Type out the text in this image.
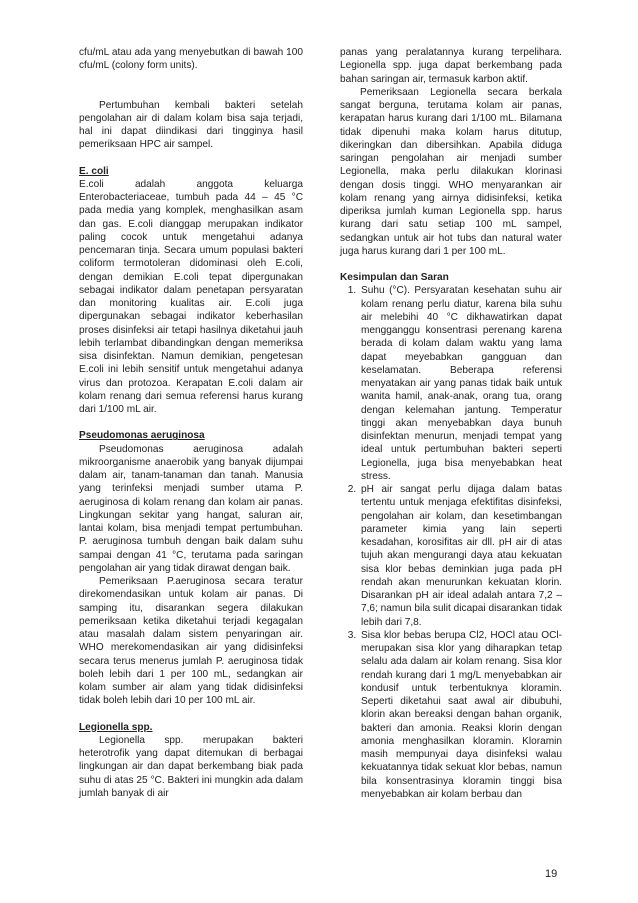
cfu/mL atau ada yang menyebutkan di bawah 100 cfu/mL (colony form units).

Pertumbuhan kembali bakteri setelah pengolahan air di dalam kolam bisa saja terjadi, hal ini dapat diindikasi dari tingginya hasil pemeriksaan HPC air sampel.

E. coli

E.coli adalah anggota keluarga Enterobacteriaceae, tumbuh pada 44 – 45 °C pada media yang komplek, menghasilkan asam dan gas. E.coli dianggap merupakan indikator paling cocok untuk mengetahui adanya pencemaran tinja. Secara umum populasi bakteri coliform termotoleran didominasi oleh E.coli, dengan demikian E.coli tepat dipergunakan sebagai indikator dalam penetapan persyaratan dan monitoring kualitas air. E.coli juga dipergunakan sebagai indikator keberhasilan proses disinfeksi air tetapi hasilnya diketahui jauh lebih terlambat dibandingkan dengan memeriksa sisa disinfektan. Namun demikian, pengetesan E.coli ini lebih sensitif untuk mengetahui adanya virus dan protozoa. Kerapatan E.coli dalam air kolam renang dari semua referensi harus kurang dari 1/100 mL air.

Pseudomonas aeruginosa

Pseudomonas aeruginosa adalah mikroorganisme anaerobik yang banyak dijumpai dalam air, tanam-tanaman dan tanah. Manusia yang terinfeksi menjadi sumber utama P. aeruginosa di kolam renang dan kolam air panas. Lingkungan sekitar yang hangat, saluran air, lantai kolam, bisa menjadi tempat pertumbuhan. P. aeruginosa tumbuh dengan baik dalam suhu sampai dengan 41 °C, terutama pada saringan pengolahan air yang tidak dirawat dengan baik.

Pemeriksaan P.aeruginosa secara teratur direkomendasikan untuk kolam air panas. Di samping itu, disarankan segera dilakukan pemeriksaan ketika diketahui terjadi kegagalan atau masalah dalam sistem penyaringan air. WHO merekomendasikan air yang didisinfeksi secara terus menerus jumlah P. aeruginosa tidak boleh lebih dari 1 per 100 mL, sedangkan air kolam sumber air alam yang tidak didisinfeksi tidak boleh lebih dari 10 per 100 mL air.

Legionella spp.

Legionella spp. merupakan bakteri heterotrofik yang dapat ditemukan di berbagai lingkungan air dan dapat berkembang biak pada suhu di atas 25 °C. Bakteri ini mungkin ada dalam jumlah banyak di air

panas yang peralatannya kurang terpelihara. Legionella spp. juga dapat berkembang pada bahan saringan air, termasuk karbon aktif.

Pemeriksaan Legionella secara berkala sangat berguna, terutama kolam air panas, kerapatan harus kurang dari 1/100 mL. Bilamana tidak dipenuhi maka kolam harus ditutup, dikeringkan dan dibersihkan. Apabila diduga saringan pengolahan air menjadi sumber Legionella, maka perlu dilakukan klorinasi dengan dosis tinggi. WHO menyarankan air kolam renang yang airnya didisinfeksi, ketika diperiksa jumlah kuman Legionella spp. harus kurang dari satu setiap 100 mL sampel, sedangkan untuk air hot tubs dan natural water juga harus kurang dari 1 per 100 mL.

Kesimpulan dan Saran
1. Suhu (°C). Persyaratan kesehatan suhu air kolam renang perlu diatur, karena bila suhu air melebihi 40 °C dikhawatirkan dapat mengganggu konsentrasi perenang karena berada di kolam dalam waktu yang lama dapat meyebabkan gangguan dan keselamatan. Beberapa referensi menyatakan air yang panas tidak baik untuk wanita hamil, anak-anak, orang tua, orang dengan kelemahan jantung. Temperatur tinggi akan menyebabkan daya bunuh disinfektan menurun, menjadi tempat yang ideal untuk pertumbuhan bakteri seperti Legionella, juga bisa menyebabkan heat stress.
2. pH air sangat perlu dijaga dalam batas tertentu untuk menjaga efektifitas disinfeksi, pengolahan air kolam, dan kesetimbangan parameter kimia yang lain seperti kesadahan, korosifitas air dll. pH air di atas tujuh akan mengurangi daya atau kekuatan sisa klor bebas deminkian juga pada pH rendah akan menurunkan kekuatan klorin. Disarankan pH air ideal adalah antara 7,2 – 7,6; namun bila sulit dicapai disarankan tidak lebih dari 7,8.
3. Sisa klor bebas berupa Cl2, HOCl atau OCl- merupakan sisa klor yang diharapkan tetap selalu ada dalam air kolam renang. Sisa klor rendah kurang dari 1 mg/L menyebabkan air kondusif untuk terbentuknya kloramin. Seperti diketahui saat awal air dibubuhi, klorin akan bereaksi dengan bahan organik, bakteri dan amonia. Reaksi klorin dengan amonia menghasilkan kloramin. Kloramin masih mempunyai daya disinfeksi walau kekuatannya tidak sekuat klor bebas, namun bila konsentrasinya kloramin tinggi bisa menyebabkan air kolam berbau dan
19
